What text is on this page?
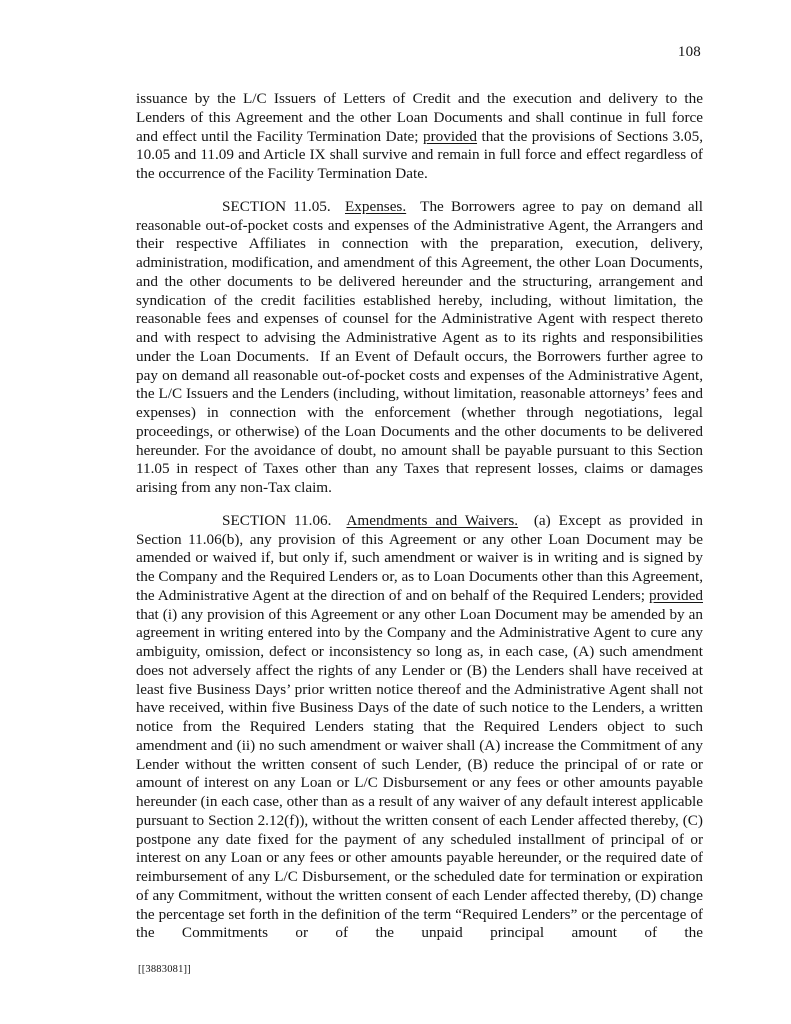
108

issuance by the L/C Issuers of Letters of Credit and the execution and delivery to the Lenders of this Agreement and the other Loan Documents and shall continue in full force and effect until the Facility Termination Date; provided that the provisions of Sections 3.05, 10.05 and 11.09 and Article IX shall survive and remain in full force and effect regardless of the occurrence of the Facility Termination Date.

SECTION 11.05.  Expenses.  The Borrowers agree to pay on demand all reasonable out-of-pocket costs and expenses of the Administrative Agent, the Arrangers and their respective Affiliates in connection with the preparation, execution, delivery, administration, modification, and amendment of this Agreement, the other Loan Documents, and the other documents to be delivered hereunder and the structuring, arrangement and syndication of the credit facilities established hereby, including, without limitation, the reasonable fees and expenses of counsel for the Administrative Agent with respect thereto and with respect to advising the Administrative Agent as to its rights and responsibilities under the Loan Documents.  If an Event of Default occurs, the Borrowers further agree to pay on demand all reasonable out-of-pocket costs and expenses of the Administrative Agent, the L/C Issuers and the Lenders (including, without limitation, reasonable attorneys’ fees and expenses) in connection with the enforcement (whether through negotiations, legal proceedings, or otherwise) of the Loan Documents and the other documents to be delivered hereunder. For the avoidance of doubt, no amount shall be payable pursuant to this Section 11.05 in respect of Taxes other than any Taxes that represent losses, claims or damages arising from any non-Tax claim.

SECTION 11.06.  Amendments and Waivers.  (a) Except as provided in Section 11.06(b), any provision of this Agreement or any other Loan Document may be amended or waived if, but only if, such amendment or waiver is in writing and is signed by the Company and the Required Lenders or, as to Loan Documents other than this Agreement, the Administrative Agent at the direction of and on behalf of the Required Lenders; provided that (i) any provision of this Agreement or any other Loan Document may be amended by an agreement in writing entered into by the Company and the Administrative Agent to cure any ambiguity, omission, defect or inconsistency so long as, in each case, (A) such amendment does not adversely affect the rights of any Lender or (B) the Lenders shall have received at least five Business Days’ prior written notice thereof and the Administrative Agent shall not have received, within five Business Days of the date of such notice to the Lenders, a written notice from the Required Lenders stating that the Required Lenders object to such amendment and (ii) no such amendment or waiver shall (A) increase the Commitment of any Lender without the written consent of such Lender, (B) reduce the principal of or rate or amount of interest on any Loan or L/C Disbursement or any fees or other amounts payable hereunder (in each case, other than as a result of any waiver of any default interest applicable pursuant to Section 2.12(f)), without the written consent of each Lender affected thereby, (C) postpone any date fixed for the payment of any scheduled installment of principal of or interest on any Loan or any fees or other amounts payable hereunder, or the required date of reimbursement of any L/C Disbursement, or the scheduled date for termination or expiration of any Commitment, without the written consent of each Lender affected thereby, (D) change the percentage set forth in the definition of the term “Required Lenders” or the percentage of the Commitments or of the unpaid principal amount of the

[[3883081]]
